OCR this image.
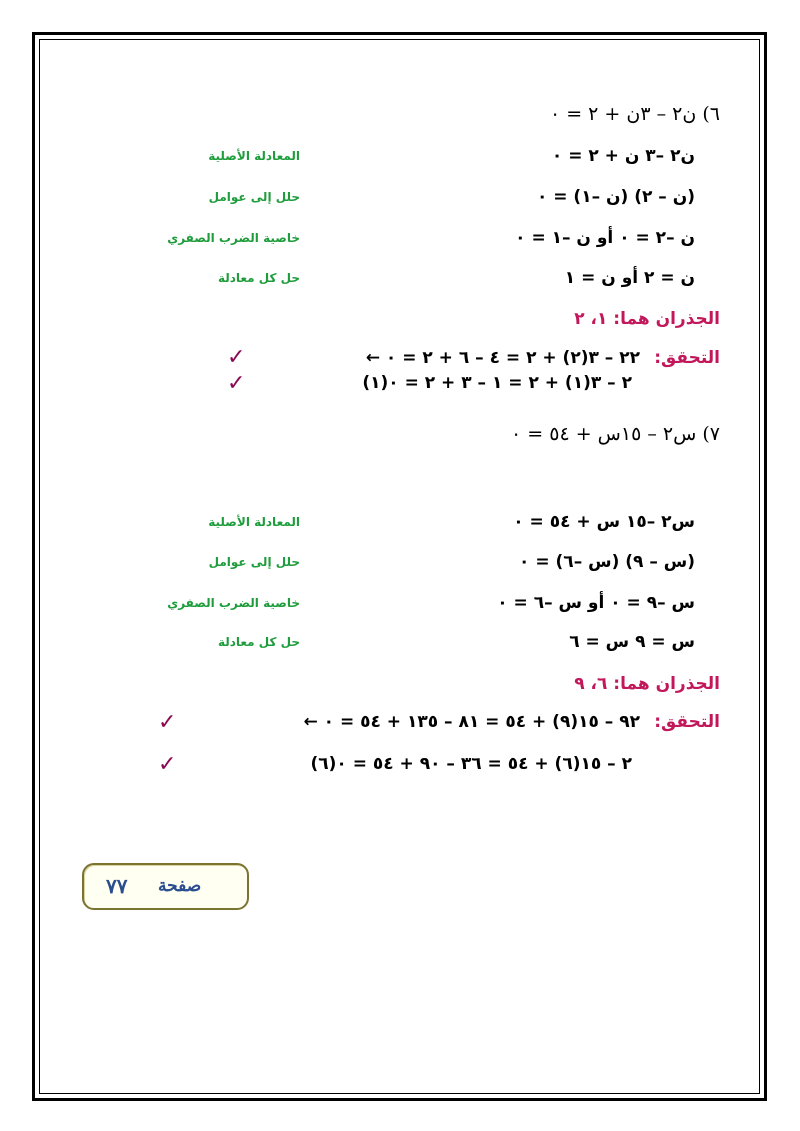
٦) ن٢ – ٣ن + ٢ = ٠
ن٢ –٣ ن + ٢ = ٠
المعادلة الأصلية
(ن – ٢) (ن –١) = ٠
حلل إلى عوامل
ن –٢ = ٠ أو ن –١ = ٠
خاصية الضرب الصفري
ن = ٢ أو ن = ١
حل كل معادلة
الجذران هما: ١، ٢
التحقق:
← ٢٢ – ٣(٢) + ٢ = ٤ – ٦ + ٢ = ٠
✓
(١)٢ – ٣(١) + ٢ = ١ – ٣ + ٢ = ٠
✓
٧) س٢ – ١٥س + ٥٤ = ٠
س٢ –١٥ س + ٥٤ = ٠
المعادلة الأصلية
(س – ٩) (س –٦) = ٠
حلل إلى عوامل
س –٩ = ٠ أو س –٦ = ٠
خاصية الضرب الصفري
س = ٩ س = ٦
حل كل معادلة
الجذران هما: ٦، ٩
التحقق:
← ٩٢ – ١٥(٩) + ٥٤ = ٨١ – ١٣٥ + ٥٤ = ٠
✓
(٦)٢ – ١٥(٦) + ٥٤ = ٣٦ – ٩٠ + ٥٤ = ٠
✓
٧٧ صفحة
